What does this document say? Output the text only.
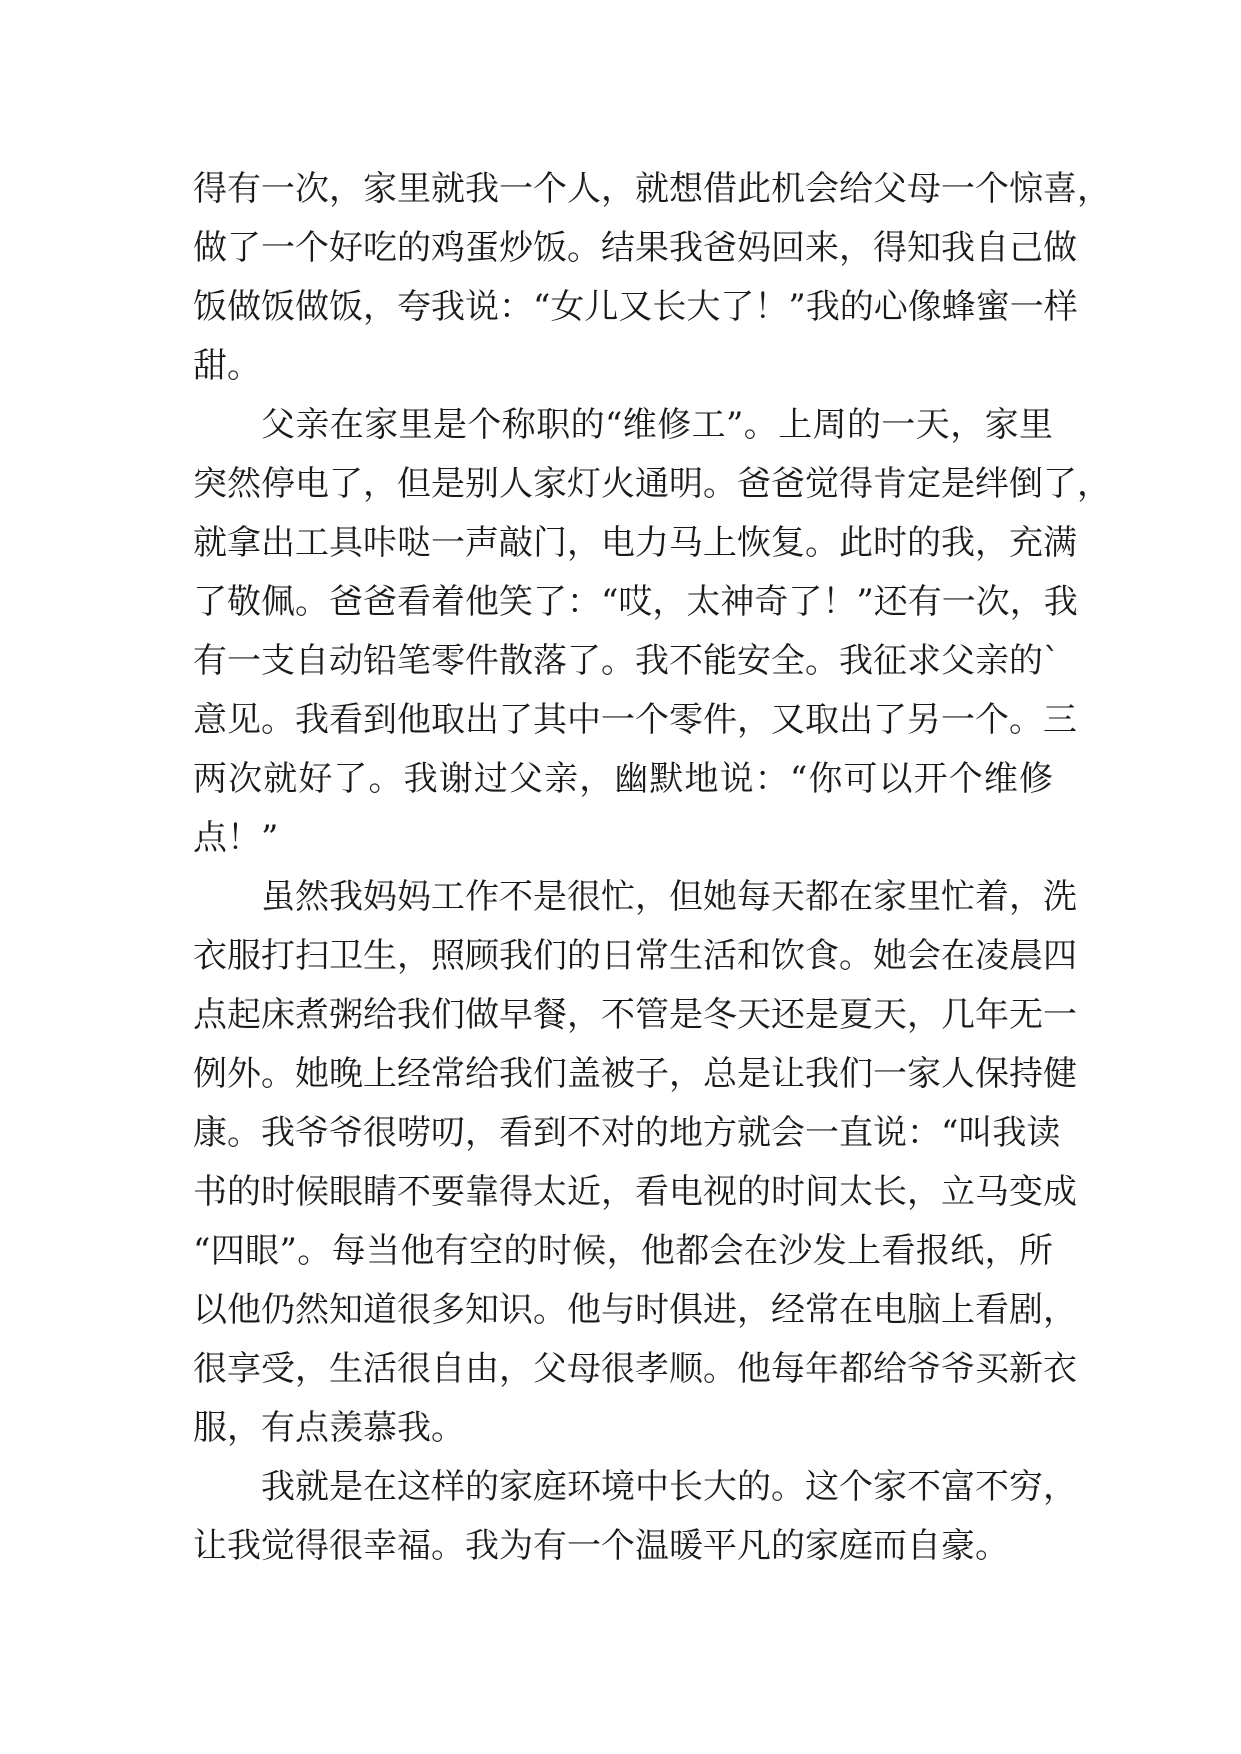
得有一次，家里就我一个人，就想借此机会给父母一个惊喜，
做了一个好吃的鸡蛋炒饭。结果我爸妈回来，得知我自己做
饭做饭做饭，夸我说：“女儿又长大了！”我的心像蜂蜜一样
甜。
父亲在家里是个称职的“维修工”。上周的一天，家里
突然停电了，但是别人家灯火通明。爸爸觉得肯定是绊倒了，
就拿出工具咔哒一声敲门，电力马上恢复。此时的我，充满
了敬佩。爸爸看着他笑了：“哎，太神奇了！”还有一次，我
有一支自动铅笔零件散落了。我不能安全。我征求父亲的`
意见。我看到他取出了其中一个零件，又取出了另一个。三
两次就好了。我谢过父亲，幽默地说：“你可以开个维修
点！”
虽然我妈妈工作不是很忙，但她每天都在家里忙着，洗
衣服打扫卫生，照顾我们的日常生活和饮食。她会在凌晨四
点起床煮粥给我们做早餐，不管是冬天还是夏天，几年无一
例外。她晚上经常给我们盖被子，总是让我们一家人保持健
康。我爷爷很唠叨，看到不对的地方就会一直说：“叫我读
书的时候眼睛不要靠得太近，看电视的时间太长，立马变成
“四眼”。每当他有空的时候，他都会在沙发上看报纸，所
以他仍然知道很多知识。他与时俱进，经常在电脑上看剧，
很享受，生活很自由，父母很孝顺。他每年都给爷爷买新衣
服，有点羡慕我。
我就是在这样的家庭环境中长大的。这个家不富不穷，
让我觉得很幸福。我为有一个温暖平凡的家庭而自豪。
